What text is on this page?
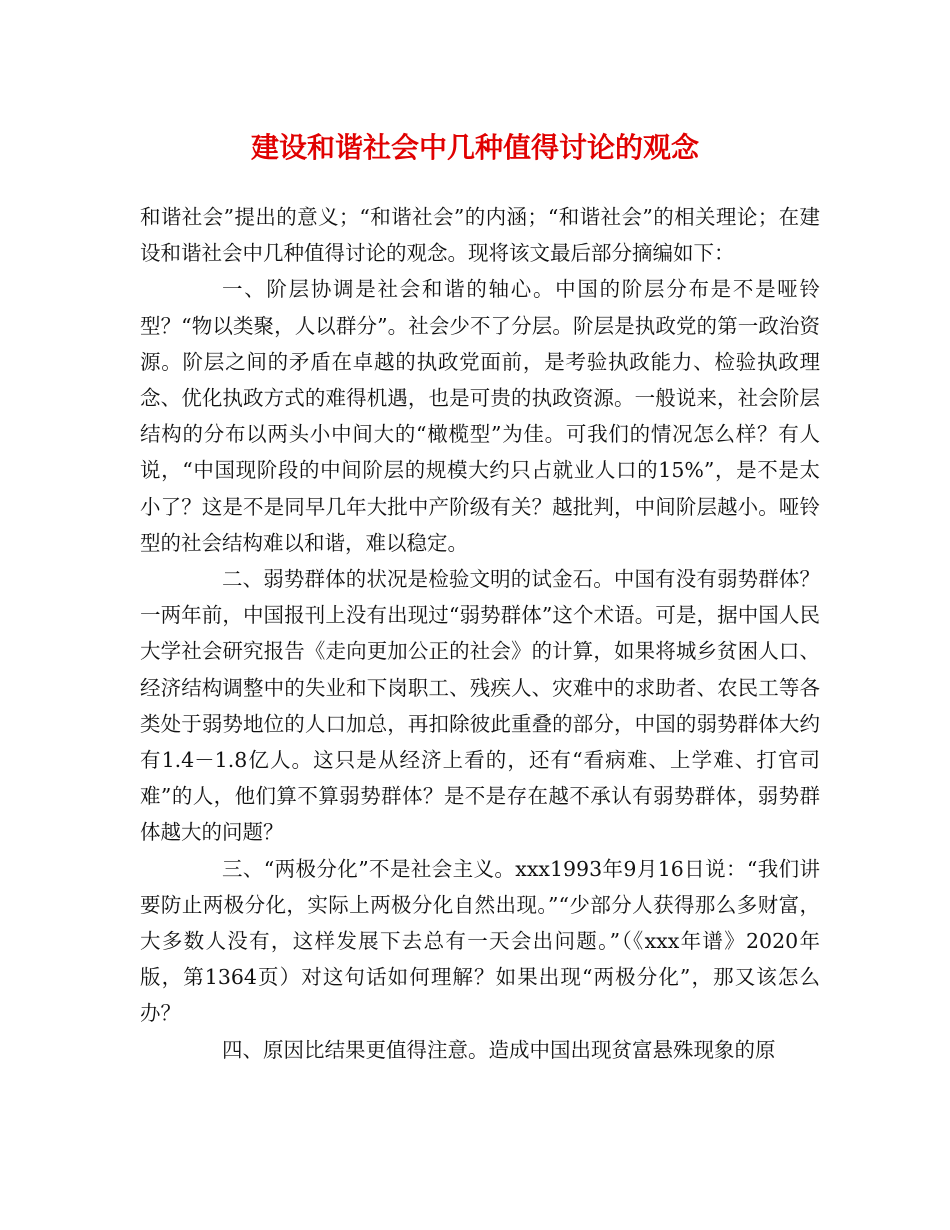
建设和谐社会中几种值得讨论的观念

和谐社会”提出的意义；“和谐社会”的内涵；“和谐社会”的相关理论；在建设和谐社会中几种值得讨论的观念。现将该文最后部分摘编如下：

一、阶层协调是社会和谐的轴心。中国的阶层分布是不是哑铃型？“物以类聚，人以群分”。社会少不了分层。阶层是执政党的第一政治资源。阶层之间的矛盾在卓越的执政党面前，是考验执政能力、检验执政理念、优化执政方式的难得机遇，也是可贵的执政资源。一般说来，社会阶层结构的分布以两头小中间大的“橄榄型”为佳。可我们的情况怎么样？有人说，“中国现阶段的中间阶层的规模大约只占就业人口的15%”，是不是太小了？这是不是同早几年大批中产阶级有关？越批判，中间阶层越小。哑铃型的社会结构难以和谐，难以稳定。

二、弱势群体的状况是检验文明的试金石。中国有没有弱势群体？一两年前，中国报刊上没有出现过“弱势群体”这个术语。可是，据中国人民大学社会研究报告《走向更加公正的社会》的计算，如果将城乡贫困人口、经济结构调整中的失业和下岗职工、残疾人、灾难中的求助者、农民工等各类处于弱势地位的人口加总，再扣除彼此重叠的部分，中国的弱势群体大约有1.4－1.8亿人。这只是从经济上看的，还有“看病难、上学难、打官司难”的人，他们算不算弱势群体？是不是存在越不承认有弱势群体，弱势群体越大的问题？

三、“两极分化”不是社会主义。xxx1993年9月16日说：“我们讲要防止两极分化，实际上两极分化自然出现。”“少部分人获得那么多财富，大多数人没有，这样发展下去总有一天会出问题。”（《xxx年谱》2020年版，第1364页）对这句话如何理解？如果出现“两极分化”，那又该怎么办？

四、原因比结果更值得注意。造成中国出现贫富悬殊现象的原
